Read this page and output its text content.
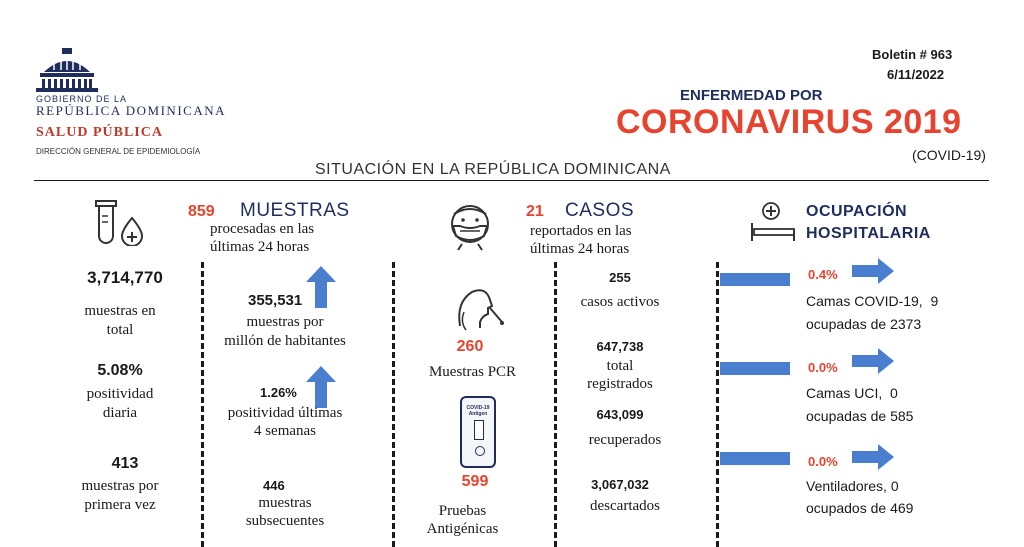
GOBIERNO DE LA
REPÚBLICA DOMINICANA
SALUD PÚBLICA
DIRECCIÓN GENERAL DE EPIDEMIOLOGÍA
Boletin # 963
6/11/2022
ENFERMEDAD POR
CORONAVIRUS 2019
(COVID-19)
SITUACIÓN EN LA REPÚBLICA DOMINICANA
3,714,770
muestras en
total
5.08%
positividad
diaria
413
muestras por
primera vez
859 MUESTRAS
procesadas en las
últimas 24 horas
355,531
muestras por
millón de habitantes
1.26%
positividad últimas
4 semanas
446
muestras
subsecuentes
21 CASOS
reportados en las
últimas 24 horas
260
Muestras PCR
COVID-19 Antigen
599
Pruebas
Antigénicas
255
casos activos
647,738
total
registrados
643,099
recuperados
3,067,032
descartados
OCUPACIÓN
HOSPITALARIA
0.4%
Camas COVID-19,  9
ocupadas de 2373
0.0%
Camas UCI,  0
ocupadas de 585
0.0%
Ventiladores, 0
ocupados de 469
